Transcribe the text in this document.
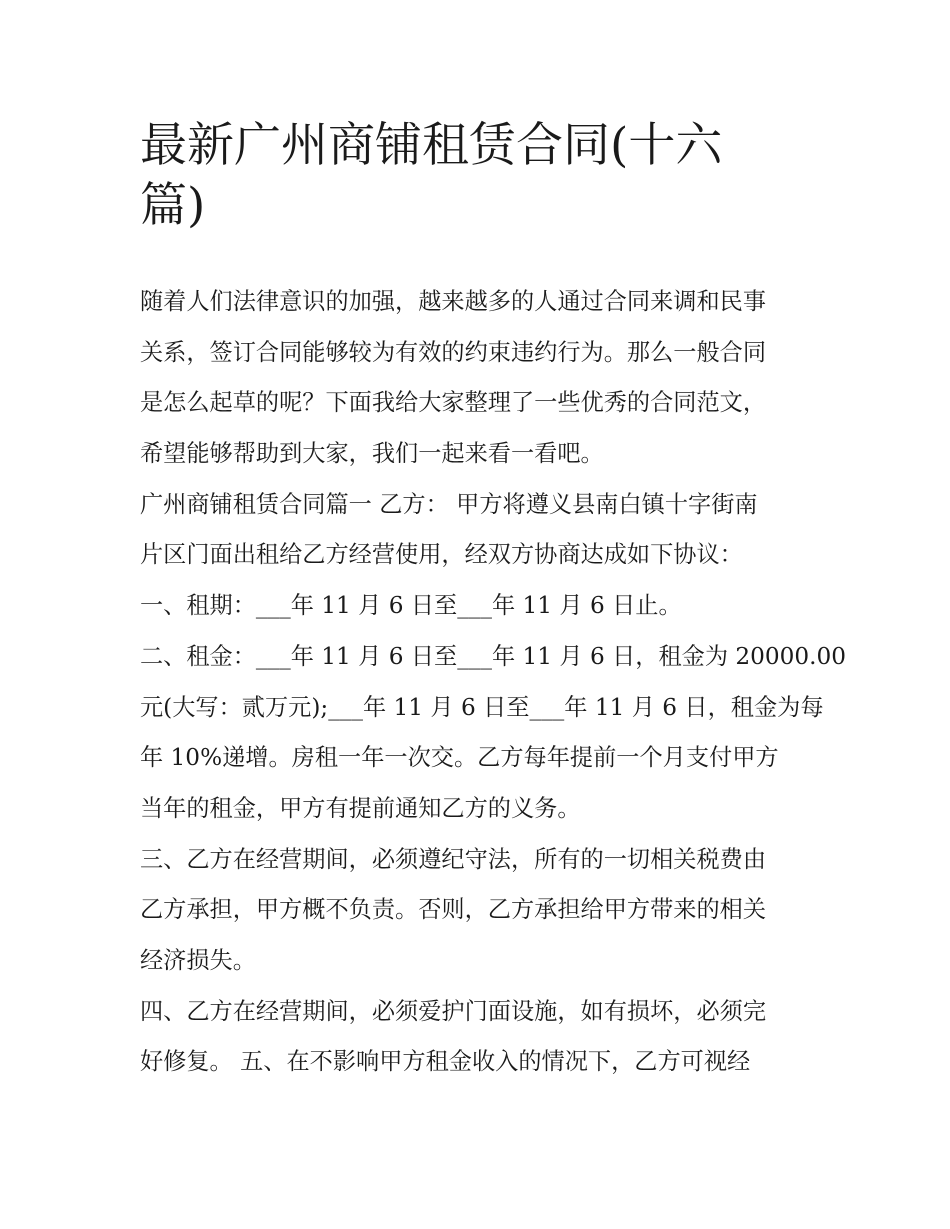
最新广州商铺租赁合同(十六
篇)
随着人们法律意识的加强，越来越多的人通过合同来调和民事
关系，签订合同能够较为有效的约束违约行为。那么一般合同
是怎么起草的呢？下面我给大家整理了一些优秀的合同范文，
希望能够帮助到大家，我们一起来看一看吧。
广州商铺租赁合同篇一 乙方： 甲方将遵义县南白镇十字街南
片区门面出租给乙方经营使用，经双方协商达成如下协议：
一、租期：___年 11 月 6 日至___年 11 月 6 日止。
二、租金：___年 11 月 6 日至___年 11 月 6 日，租金为 20000.00
元(大写：贰万元);___年 11 月 6 日至___年 11 月 6 日，租金为每
年 10%递增。房租一年一次交。乙方每年提前一个月支付甲方
当年的租金，甲方有提前通知乙方的义务。
三、乙方在经营期间，必须遵纪守法，所有的一切相关税费由
乙方承担，甲方概不负责。否则，乙方承担给甲方带来的相关
经济损失。
四、乙方在经营期间，必须爱护门面设施，如有损坏，必须完
好修复。 五、在不影响甲方租金收入的情况下，乙方可视经
